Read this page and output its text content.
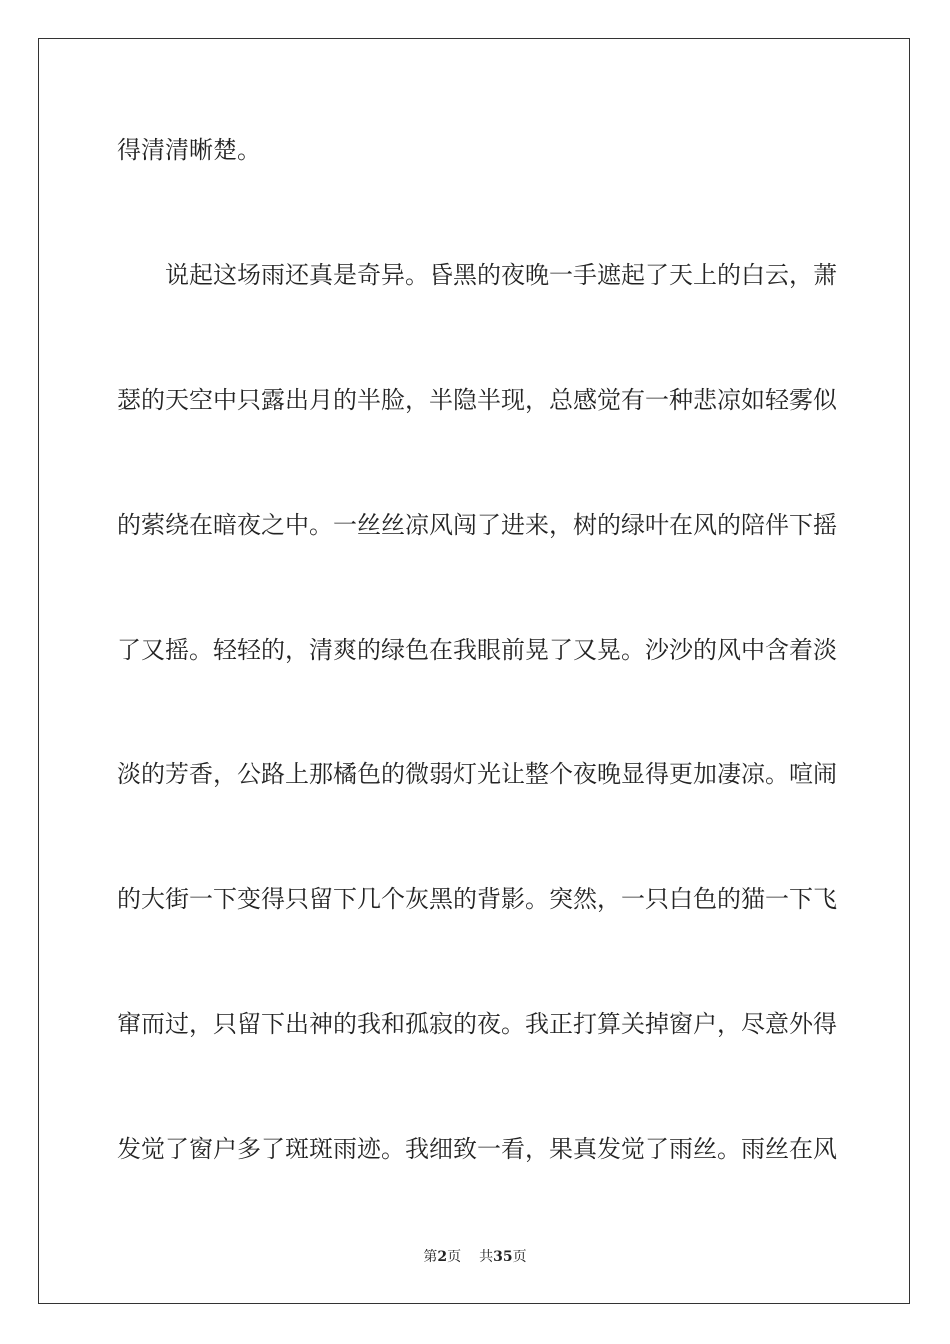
得清清晰楚。
说起这场雨还真是奇异。昏黑的夜晚一手遮起了天上的白云，萧
瑟的天空中只露出月的半脸，半隐半现，总感觉有一种悲凉如轻雾似
的萦绕在暗夜之中。一丝丝凉风闯了进来，树的绿叶在风的陪伴下摇
了又摇。轻轻的，清爽的绿色在我眼前晃了又晃。沙沙的风中含着淡
淡的芳香，公路上那橘色的微弱灯光让整个夜晚显得更加凄凉。喧闹
的大街一下变得只留下几个灰黑的背影。突然，一只白色的猫一下飞
窜而过，只留下出神的我和孤寂的夜。我正打算关掉窗户，尽意外得
发觉了窗户多了斑斑雨迹。我细致一看，果真发觉了雨丝。雨丝在风
第2页 共35页
